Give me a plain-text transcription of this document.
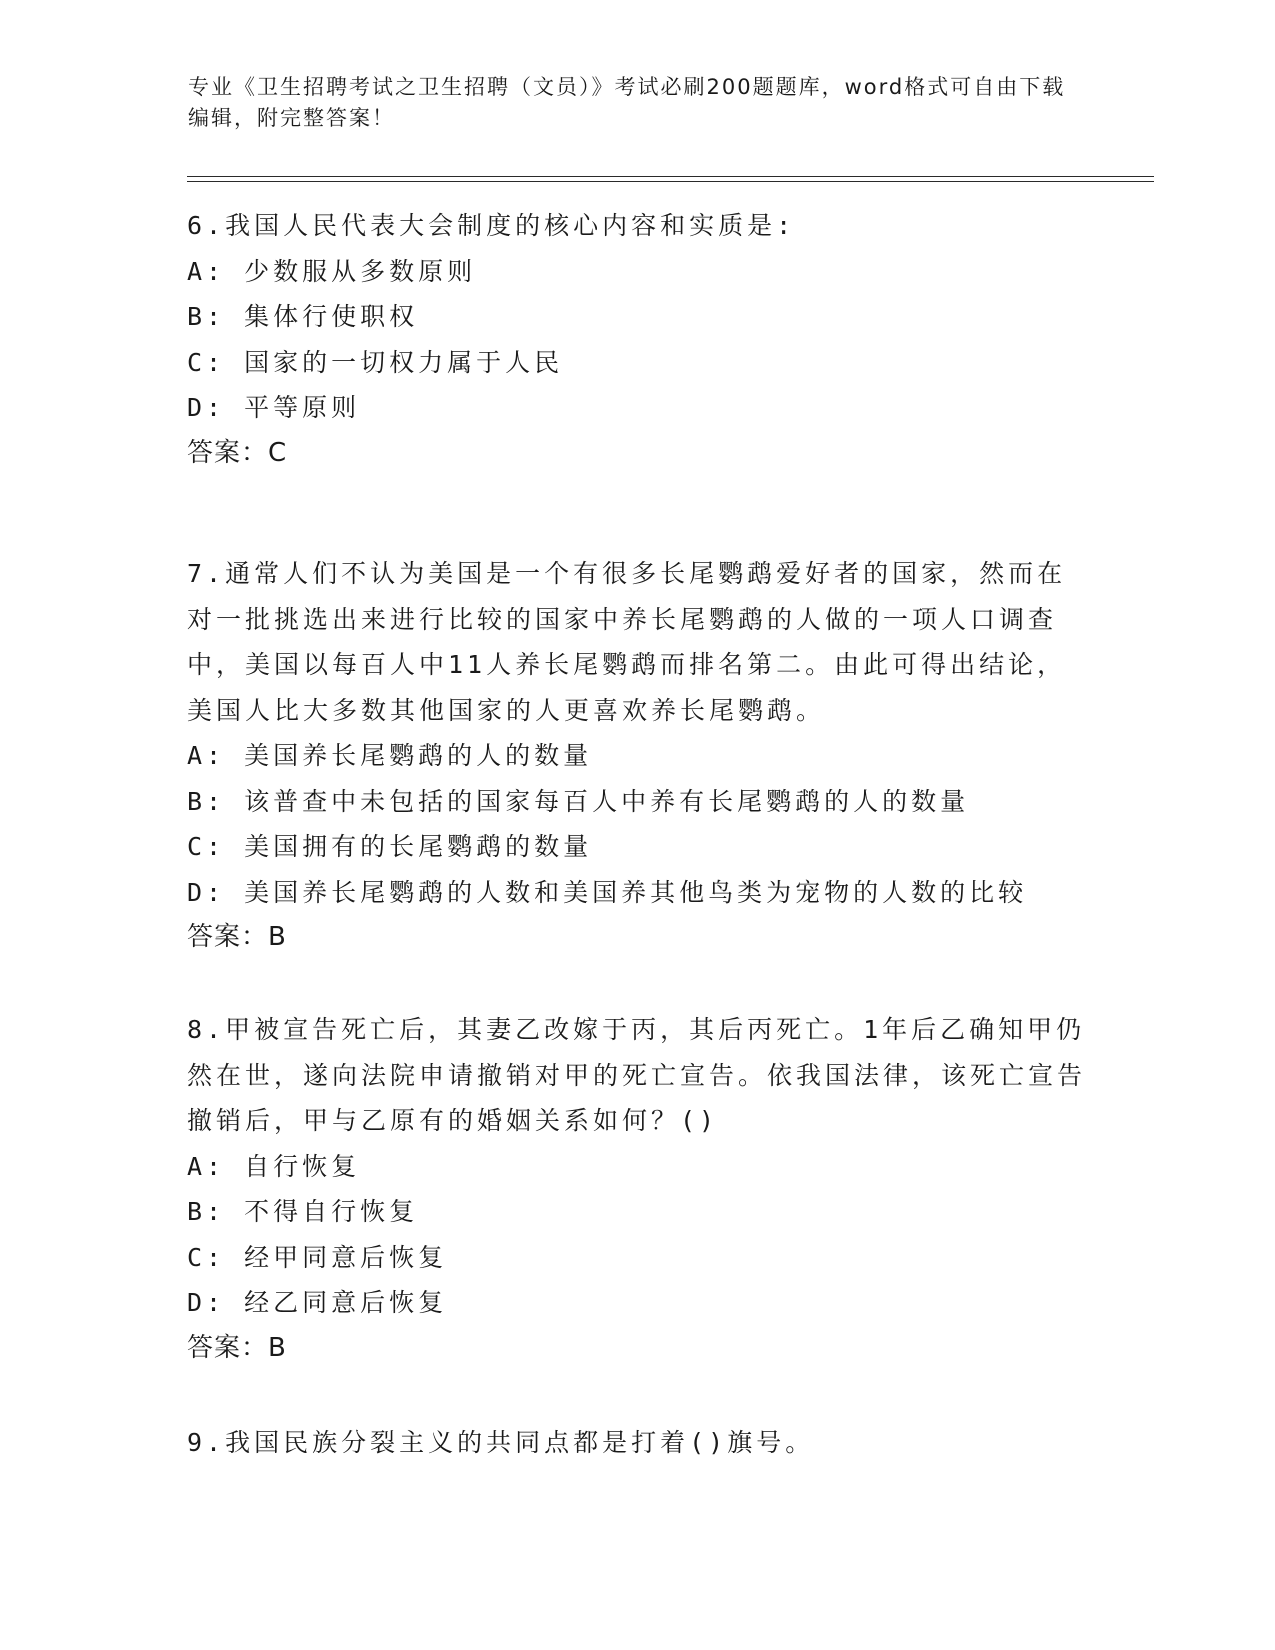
专业《卫生招聘考试之卫生招聘（文员）》考试必刷200题题库，word格式可自由下载编辑，附完整答案！

6.我国人民代表大会制度的核心内容和实质是:

A: 少数服从多数原则

B: 集体行使职权

C: 国家的一切权力属于人民

D: 平等原则

答案：C

7.通常人们不认为美国是一个有很多长尾鹦鹉爱好者的国家，然而在对一批挑选出来进行比较的国家中养长尾鹦鹉的人做的一项人口调查中，美国以每百人中11人养长尾鹦鹉而排名第二。由此可得出结论，美国人比大多数其他国家的人更喜欢养长尾鹦鹉。

A: 美国养长尾鹦鹉的人的数量

B: 该普查中未包括的国家每百人中养有长尾鹦鹉的人的数量

C: 美国拥有的长尾鹦鹉的数量

D: 美国养长尾鹦鹉的人数和美国养其他鸟类为宠物的人数的比较

答案：B

8.甲被宣告死亡后，其妻乙改嫁于丙，其后丙死亡。1年后乙确知甲仍然在世，遂向法院申请撤销对甲的死亡宣告。依我国法律，该死亡宣告撤销后，甲与乙原有的婚姻关系如何？()

A: 自行恢复

B: 不得自行恢复

C: 经甲同意后恢复

D: 经乙同意后恢复

答案：B

9.我国民族分裂主义的共同点都是打着()旗号。
